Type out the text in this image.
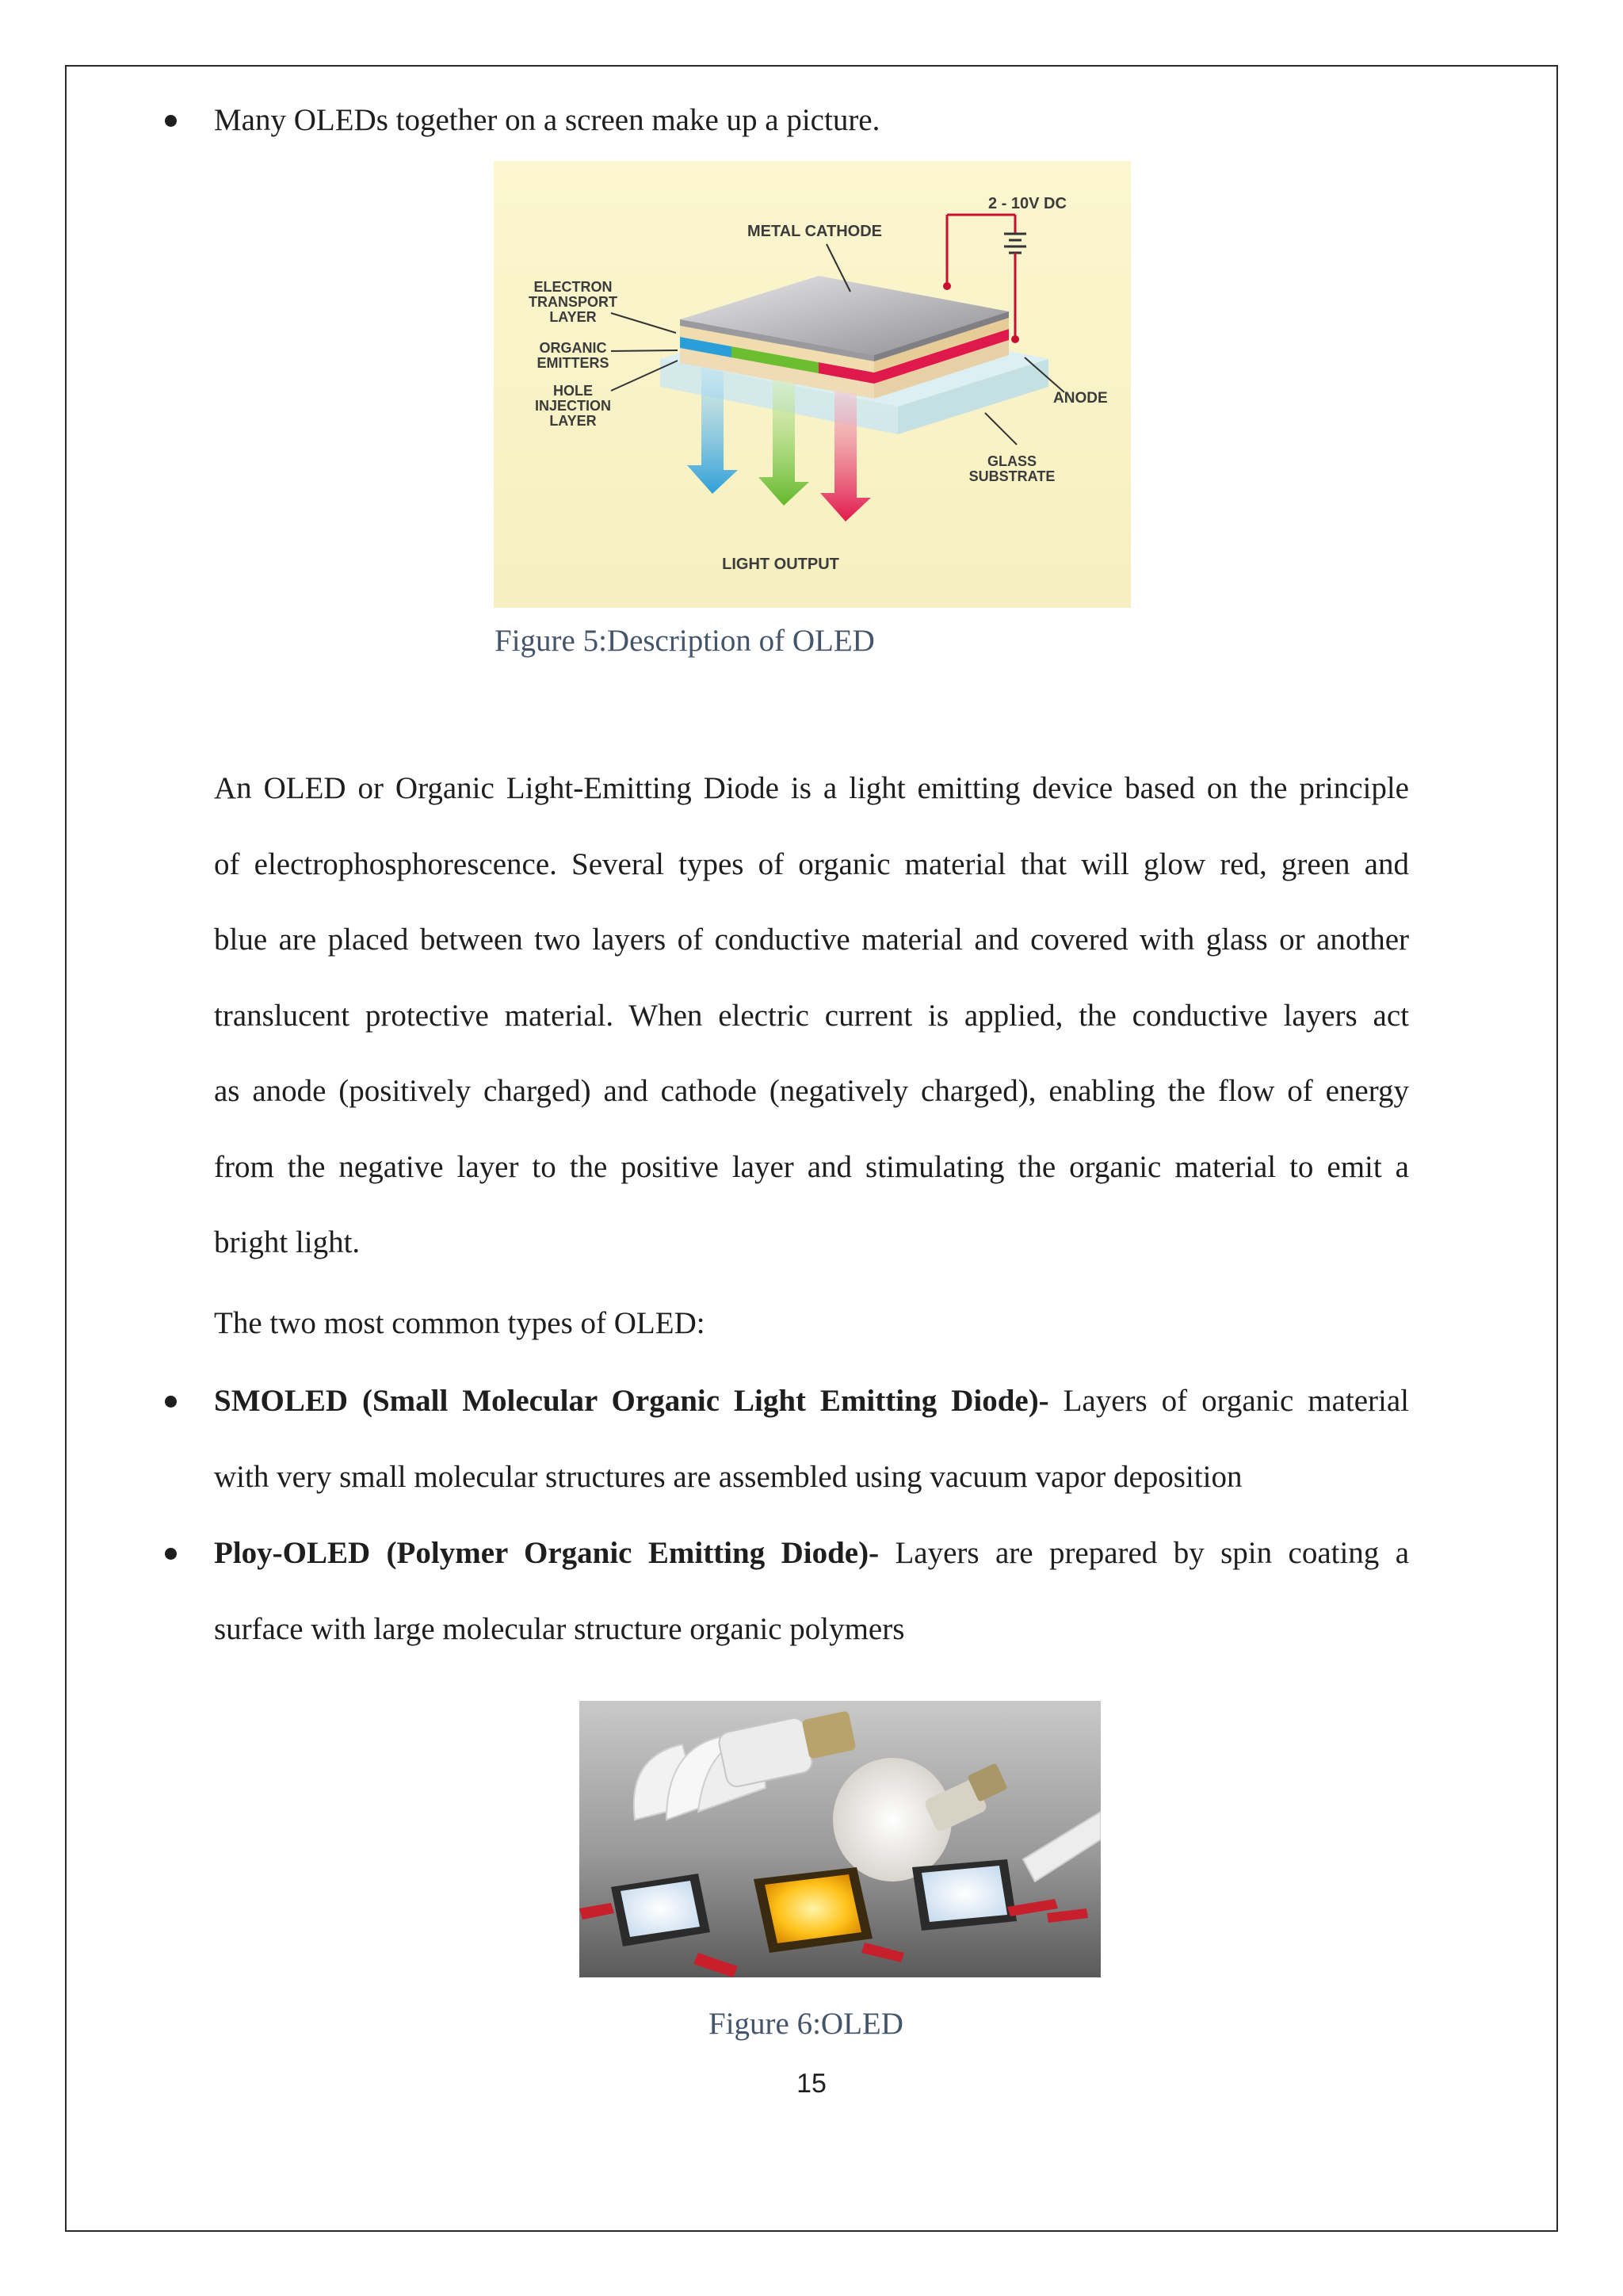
Many OLEDs together on a screen make up a picture.
2 - 10V DC
METAL CATHODE
ELECTRON
TRANSPORT
LAYER
ORGANIC
EMITTERS
HOLE
INJECTION
LAYER
ANODE
GLASS
SUBSTRATE
LIGHT OUTPUT
Figure 5:Description of OLED
An OLED or Organic Light-Emitting Diode is a light emitting device based on the principle
of electrophosphorescence. Several types of organic material that will glow red, green and
blue are placed between two layers of conductive material and covered with glass or another
translucent protective material. When electric current is applied, the conductive layers act
as anode (positively charged) and cathode (negatively charged), enabling the flow of energy
from the negative layer to the positive layer and stimulating the organic material to emit a
bright light.
The two most common types of OLED:
SMOLED (Small Molecular Organic Light Emitting Diode)- Layers of organic material
with very small molecular structures are assembled using vacuum vapor deposition
Ploy-OLED (Polymer Organic Emitting Diode)- Layers are prepared by spin coating a
surface with large molecular structure organic polymers
Figure 6:OLED
15
